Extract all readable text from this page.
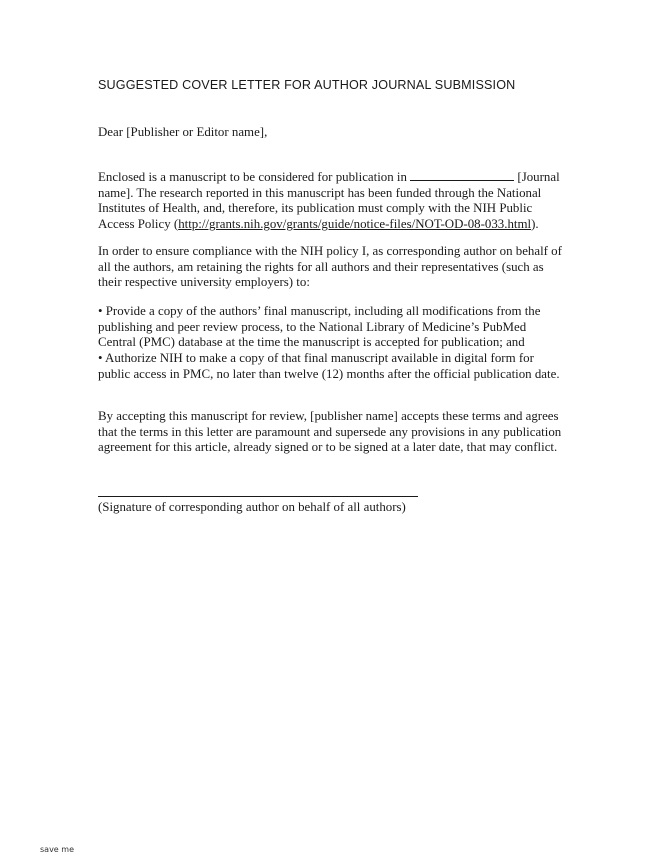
SUGGESTED COVER LETTER FOR AUTHOR JOURNAL SUBMISSION
Dear [Publisher or Editor name],
Enclosed is a manuscript to be considered for publication in	[Journal
name]. The research reported in this manuscript has been funded through the National
Institutes of Health, and, therefore, its publication must comply with the NIH Public
Access Policy (http://grants.nih.gov/grants/guide/notice-files/NOT-OD-08-033.html).
In order to ensure compliance with the NIH policy I, as corresponding author on behalf of
all the authors, am retaining the rights for all authors and their representatives (such as
their respective university employers) to:
• Provide a copy of the authors’ final manuscript, including all modifications from the
publishing and peer review process, to the National Library of Medicine’s PubMed
Central (PMC) database at the time the manuscript is accepted for publication; and
• Authorize NIH to make a copy of that final manuscript available in digital form for
public access in PMC, no later than twelve (12) months after the official publication date.
By accepting this manuscript for review, [publisher name] accepts these terms and agrees
that the terms in this letter are paramount and supersede any provisions in any publication
agreement for this article, already signed or to be signed at a later date, that may conflict.
(Signature of corresponding author on behalf of all authors)
save me
